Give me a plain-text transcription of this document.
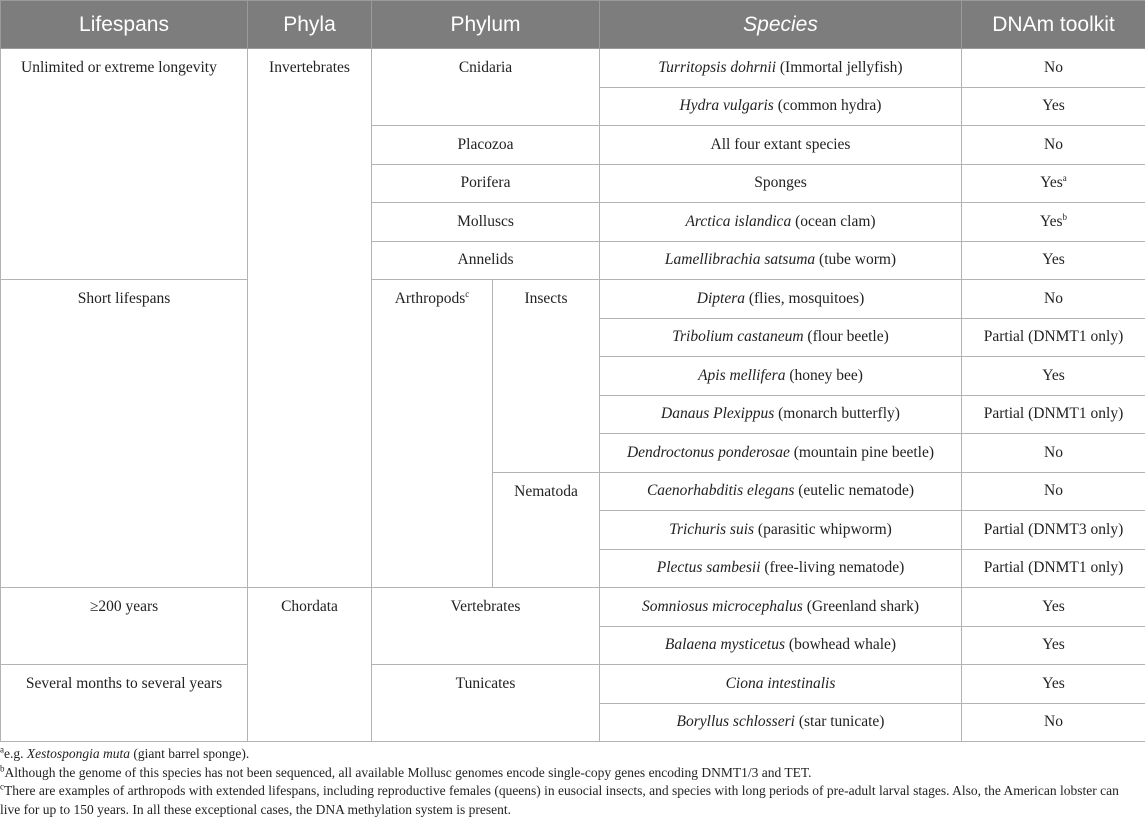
Lifespans	Phyla	Phylum		Species	DNAm toolkit
Unlimited or extreme longevity	Invertebrates	Cnidaria		Turritopsis dohrnii (Immortal jellyfish)	No
				Hydra vulgaris (common hydra)	Yes
		Placozoa		All four extant species	No
		Porifera		Sponges	Yes$^a$
		Molluscs		Arctica islandica (ocean clam)	Yes$^b$
		Annelids		Lamellibrachia satsuma (tube worm)	Yes
Short lifespans		Arthropods$^c$	Insects	Diptera (flies, mosquitoes)	No
				Tribolium castaneum (flour beetle)	Partial (DNMT1 only)
				Apis mellifera (honey bee)	Yes
				Danaus Plexippus (monarch butterfly)	Partial (DNMT1 only)
				Dendroctonus ponderosae (mountain pine beetle)	No
			Nematoda	Caenorhabditis elegans (eutelic nematode)	No
				Trichuris suis (parasitic whipworm)	Partial (DNMT3 only)
				Plectus sambesii (free-living nematode)	Partial (DNMT1 only)
≥200 years	Chordata	Vertebrates		Somniosus microcephalus (Greenland shark)	Yes
				Balaena mysticetus (bowhead whale)	Yes
Several months to several years		Tunicates		Ciona intestinalis	Yes
				Boryllus schlosseri (star tunicate)	No
$^a$e.g. Xestospongia muta (giant barrel sponge).
$^b$Although the genome of this species has not been sequenced, all available Mollusc genomes encode single-copy genes encoding DNMT1/3 and TET.
$^c$There are examples of arthropods with extended lifespans, including reproductive females (queens) in eusocial insects, and species with long periods of pre-adult larval stages. Also, the American lobster can live for up to 150 years. In all these exceptional cases, the DNA methylation system is present.
